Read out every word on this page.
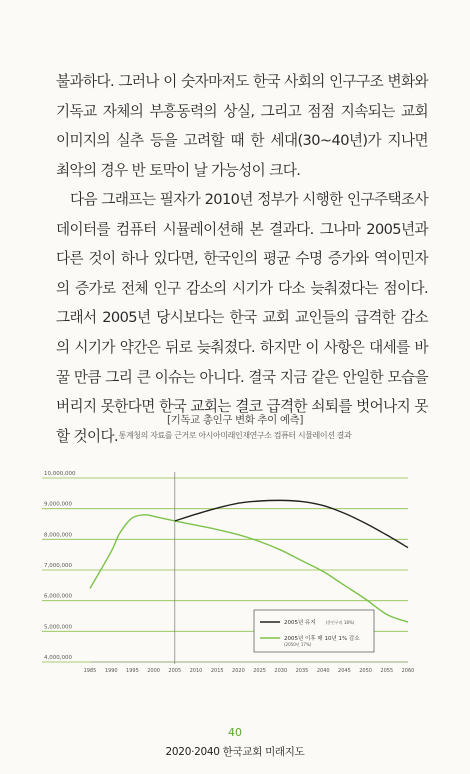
불과하다. 그러나 이 숫자마저도 한국 사회의 인구구조 변화와 기독교 자체의 부흥동력의 상실, 그리고 점점 지속되는 교회 이미지의 실추 등을 고려할 때 한 세대(30~40년)가 지나면 최악의 경우 반 토막이 날 가능성이 크다.

다음 그래프는 필자가 2010년 정부가 시행한 인구주택조사 데이터를 컴퓨터 시뮬레이션해 본 결과다. 그나마 2005년과 다른 것이 하나 있다면, 한국인의 평균 수명 증가와 역이민자의 증가로 전체 인구 감소의 시기가 다소 늦춰졌다는 점이다. 그래서 2005년 당시보다는 한국 교회 교인들의 급격한 감소의 시기가 약간은 뒤로 늦춰졌다. 하지만 이 사항은 대세를 바꿀 만큼 그리 큰 이슈는 아니다. 결국 지금 같은 안일한 모습을 버리지 못한다면 한국 교회는 결코 급격한 쇠퇴를 벗어나지 못할 것이다.

[기독교 총인구 변화 추이 예측]
통계청의 자료를 근거로 아시아미래인재연구소 컴퓨터 시뮬레이션 결과
10,000,000
9,000,000
8,000,000
7,000,000
6,000,000
5,000,000
4,000,000
1985 1990 1995 2000 2005 2010 2015 2020 2025 2030 2035 2040 2045 2050 2055 2060
2005년 유지 (총인구의 18%)
2005년 이후 매 10년 1% 감소
(2050년 17%)
40
2020·2040 한국교회 미래지도
